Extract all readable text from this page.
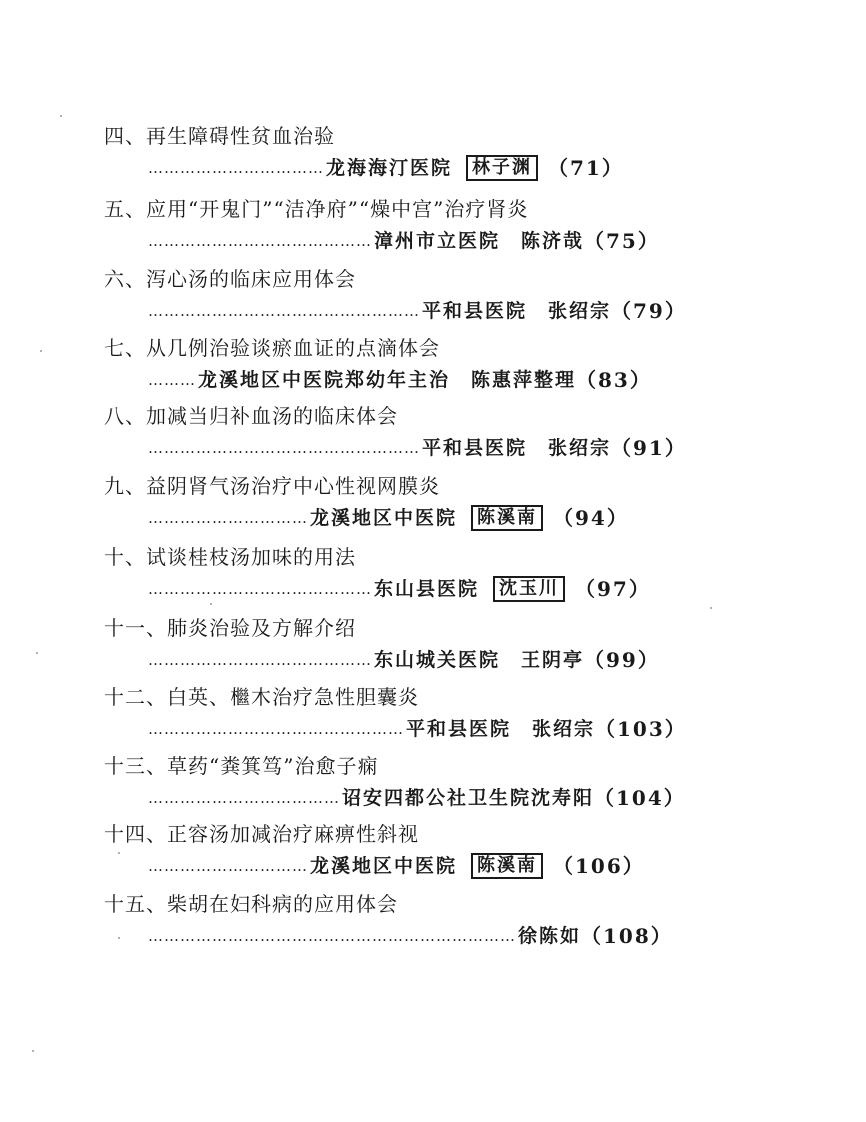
四、再生障碍性贫血治验
…………………………… 龙海海汀医院	林子渊 （71）
五、应用“开鬼门”“洁净府”“燥中宫”治疗肾炎
…………………………………… 漳州市立医院　陈济哉 （75）
六、泻心汤的临床应用体会
…………………………………………… 平和县医院　张绍宗 （79）
七、从几例治验谈瘀血证的点滴体会
……… 龙溪地区中医院郑幼年主治　陈惠萍整理 （83）
八、加减当归补血汤的临床体会
…………………………………………… 平和县医院　张绍宗 （91）
九、益阴肾气汤治疗中心性视网膜炎
………………………… 龙溪地区中医院	陈溪南 （94）
十、试谈桂枝汤加味的用法
…………………………………… 东山县医院	沈玉川 （97）
十一、肺炎治验及方解介绍
…………………………………… 东山城关医院　王阴亭 （99）
十二、白英、檵木治疗急性胆囊炎
………………………………………… 平和县医院　张绍宗 （103）
十三、草药“粪箕笃”治愈子痫
……………………………… 诏安四都公社卫生院沈寿阳 （104）
十四、正容汤加减治疗麻痹性斜视
………………………… 龙溪地区中医院	陈溪南 （106）
十五、柴胡在妇科病的应用体会
…………………………………………………………… 徐陈如 （108）
